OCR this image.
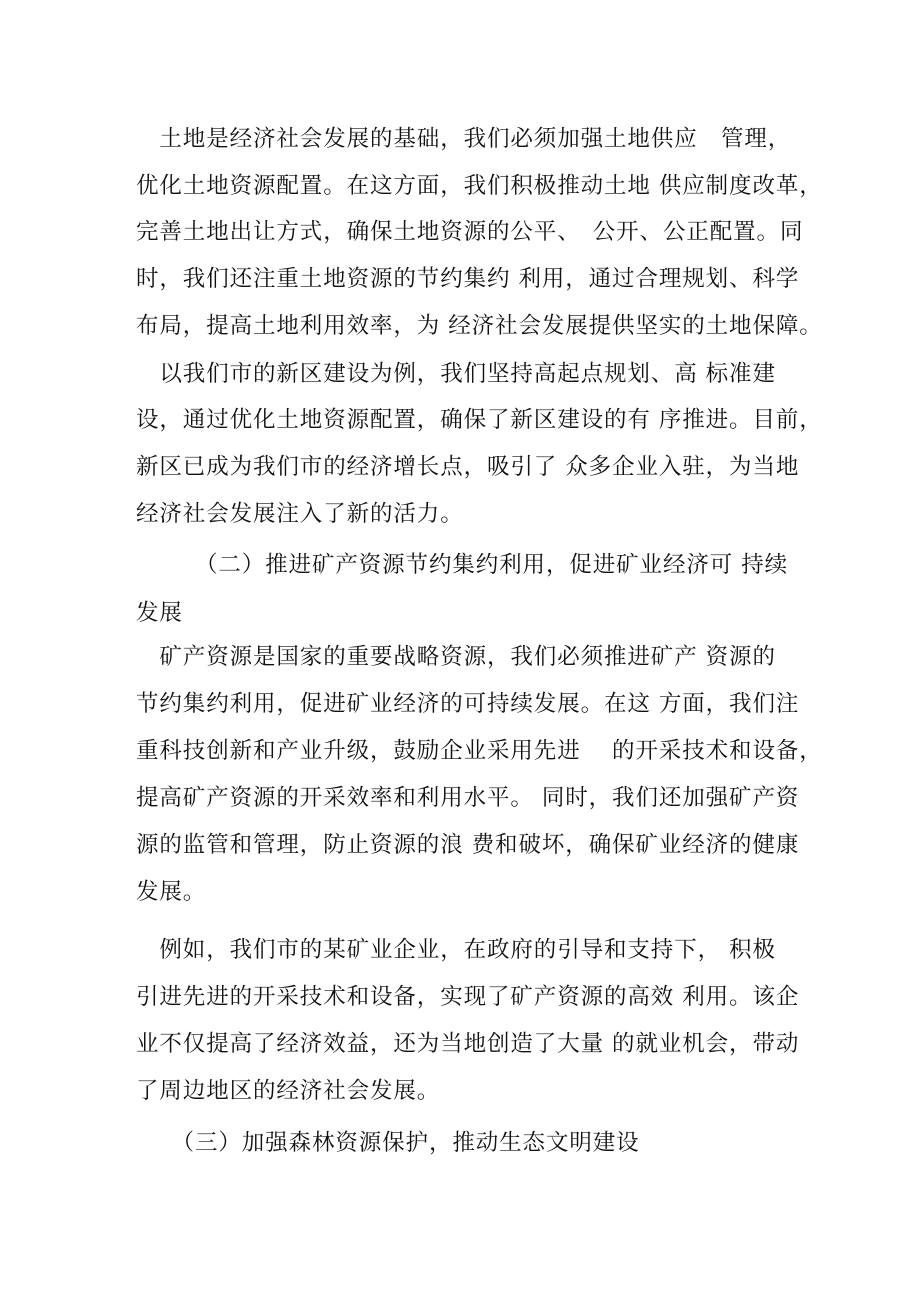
　土地是经济社会发展的基础，我们必须加强土地供应　管理，
优化土地资源配置。在这方面，我们积极推动土地 供应制度改革，
完善土地出让方式，确保土地资源的公平、　公开、公正配置。同
时，我们还注重土地资源的节约集约 利用，通过合理规划、科学
布局，提高土地利用效率，为 经济社会发展提供坚实的土地保障。
　以我们市的新区建设为例，我们坚持高起点规划、高 标准建
设，通过优化土地资源配置，确保了新区建设的有 序推进。目前，
新区已成为我们市的经济增长点，吸引了 众多企业入驻，为当地
经济社会发展注入了新的活力。
　　　（二）推进矿产资源节约集约利用，促进矿业经济可 持续
发展
　矿产资源是国家的重要战略资源，我们必须推进矿产 资源的
节约集约利用，促进矿业经济的可持续发展。在这 方面，我们注
重科技创新和产业升级，鼓励企业采用先进　 的开采技术和设备，
提高矿产资源的开采效率和利用水平。 同时，我们还加强矿产资
源的监管和管理，防止资源的浪 费和破坏，确保矿业经济的健康
发展。
　例如，我们市的某矿业企业，在政府的引导和支持下， 积极
引进先进的开采技术和设备，实现了矿产资源的高效 利用。该企
业不仅提高了经济效益，还为当地创造了大量 的就业机会，带动
了周边地区的经济社会发展。
　　（三）加强森林资源保护，推动生态文明建设
